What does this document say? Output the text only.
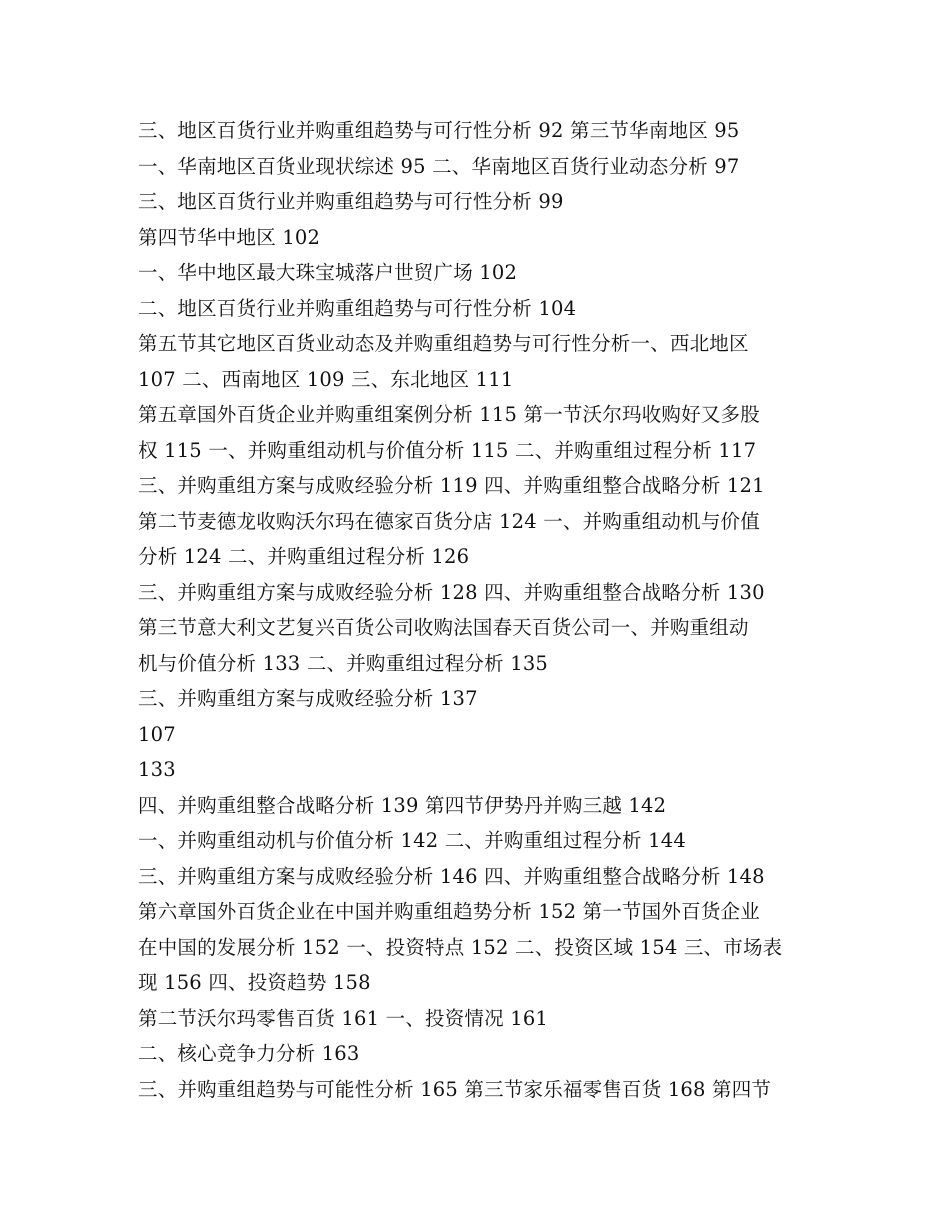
三、地区百货行业并购重组趋势与可行性分析 92 第三节华南地区 95
一、华南地区百货业现状综述 95 二、华南地区百货行业动态分析 97
三、地区百货行业并购重组趋势与可行性分析 99
第四节华中地区 102
一、华中地区最大珠宝城落户世贸广场 102
二、地区百货行业并购重组趋势与可行性分析 104
第五节其它地区百货业动态及并购重组趋势与可行性分析一、西北地区
107 二、西南地区 109 三、东北地区 111
第五章国外百货企业并购重组案例分析 115 第一节沃尔玛收购好又多股
权 115 一、并购重组动机与价值分析 115 二、并购重组过程分析 117
三、并购重组方案与成败经验分析 119 四、并购重组整合战略分析 121
第二节麦德龙收购沃尔玛在德家百货分店 124 一、并购重组动机与价值
分析 124 二、并购重组过程分析 126
三、并购重组方案与成败经验分析 128 四、并购重组整合战略分析 130
第三节意大利文艺复兴百货公司收购法国春天百货公司一、并购重组动
机与价值分析 133 二、并购重组过程分析 135
三、并购重组方案与成败经验分析 137
107
133
四、并购重组整合战略分析 139 第四节伊势丹并购三越 142
一、并购重组动机与价值分析 142 二、并购重组过程分析 144
三、并购重组方案与成败经验分析 146 四、并购重组整合战略分析 148
第六章国外百货企业在中国并购重组趋势分析 152 第一节国外百货企业
在中国的发展分析 152 一、投资特点 152 二、投资区域 154 三、市场表
现 156 四、投资趋势 158
第二节沃尔玛零售百货 161 一、投资情况 161
二、核心竞争力分析 163
三、并购重组趋势与可能性分析 165 第三节家乐福零售百货 168 第四节
